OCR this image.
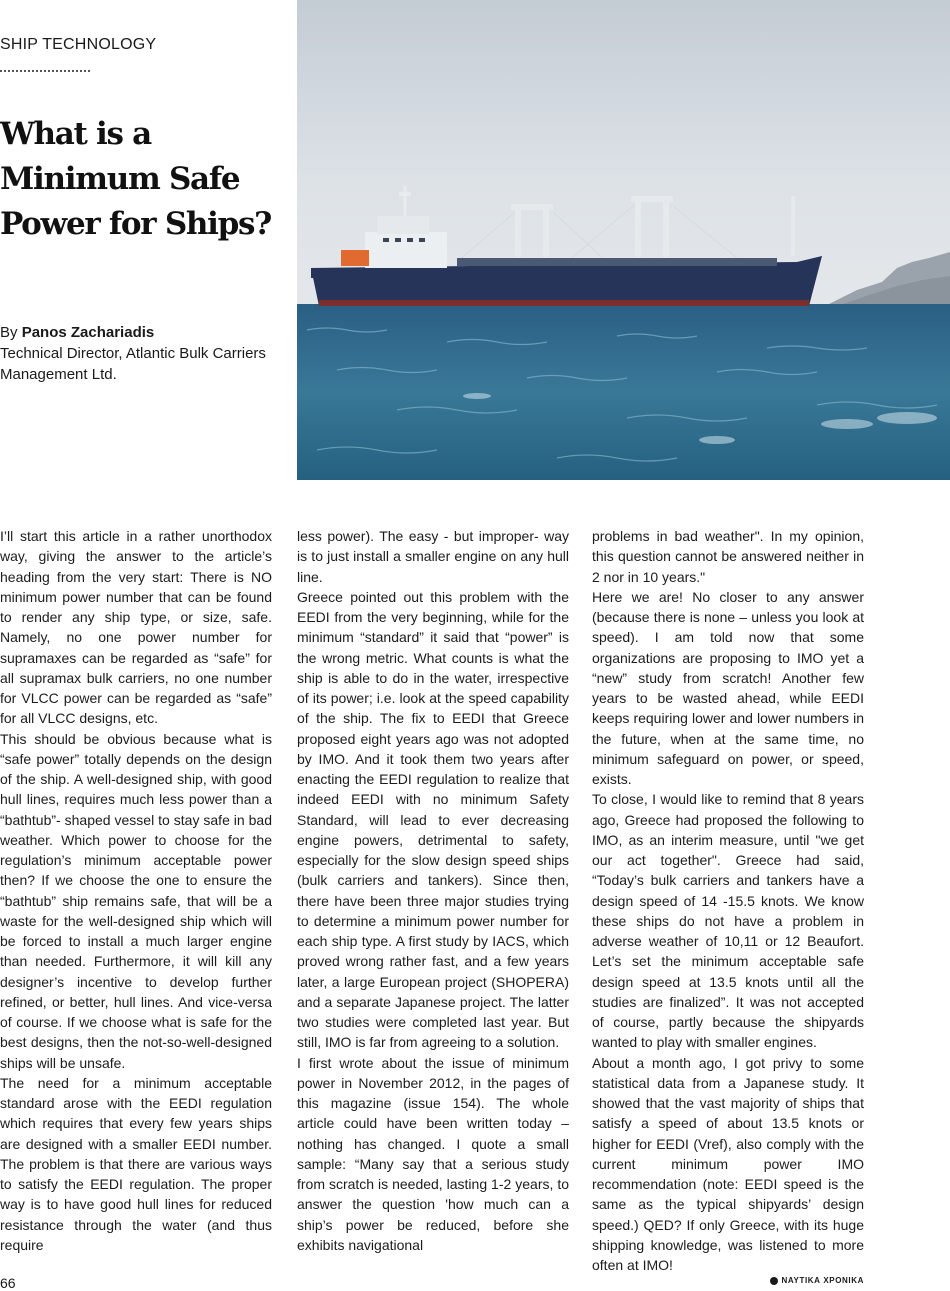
SHIP TECHNOLOGY
What is a
Minimum Safe
Power for Ships?
By Panos Zachariadis
Technical Director, Atlantic Bulk Carriers
Management Ltd.

I’ll start this article in a rather unorthodox way, giving the answer to the article’s heading from the very start: There is NO minimum power number that can be found to render any ship type, or size, safe. Namely, no one power number for supramaxes can be regarded as “safe” for all supramax bulk carriers, no one number for VLCC power can be regarded as “safe” for all VLCC designs, etc.

This should be obvious because what is “safe power” totally depends on the design of the ship. A well-designed ship, with good hull lines, requires much less power than a “bathtub”- shaped vessel to stay safe in bad weather. Which power to choose for the regulation’s minimum acceptable power then? If we choose the one to ensure the “bathtub” ship remains safe, that will be a waste for the well-designed ship which will be forced to install a much larger engine than needed. Furthermore, it will kill any designer’s incentive to develop further refined, or better, hull lines. And vice-versa of course. If we choose what is safe for the best designs, then the not-so-well-designed ships will be unsafe.

The need for a minimum acceptable standard arose with the EEDI regulation which requires that every few years ships are designed with a smaller EEDI number. The problem is that there are various ways to satisfy the EEDI regulation. The proper way is to have good hull lines for reduced resistance through the water (and thus require

less power). The easy - but improper- way is to just install a smaller engine on any hull line.

Greece pointed out this problem with the EEDI from the very beginning, while for the minimum “standard” it said that “power” is the wrong metric. What counts is what the ship is able to do in the water, irrespective of its power; i.e. look at the speed capability of the ship. The fix to EEDI that Greece proposed eight years ago was not adopted by IMO. And it took them two years after enacting the EEDI regulation to realize that indeed EEDI with no minimum Safety Standard, will lead to ever decreasing engine powers, detrimental to safety, especially for the slow design speed ships (bulk carriers and tankers). Since then, there have been three major studies trying to determine a minimum power number for each ship type. A first study by IACS, which proved wrong rather fast, and a few years later, a large European project (SHOPERA) and a separate Japanese project. The latter two studies were completed last year. But still, IMO is far from agreeing to a solution.

I first wrote about the issue of minimum power in November 2012, in the pages of this magazine (issue 154). The whole article could have been written today – nothing has changed. I quote a small sample: “Many say that a serious study from scratch is needed, lasting 1-2 years, to answer the question 'how much can a ship’s power be reduced, before she exhibits navigational

problems in bad weather". In my opinion, this question cannot be answered neither in 2 nor in 10 years."

Here we are! No closer to any answer (because there is none – unless you look at speed). I am told now that some organizations are proposing to IMO yet a “new” study from scratch! Another few years to be wasted ahead, while EEDI keeps requiring lower and lower numbers in the future, when at the same time, no minimum safeguard on power, or speed, exists.

To close, I would like to remind that 8 years ago, Greece had proposed the following to IMO, as an interim measure, until "we get our act together". Greece had said, “Today’s bulk carriers and tankers have a design speed of 14 -15.5 knots. We know these ships do not have a problem in adverse weather of 10,11 or 12 Beaufort. Let’s set the minimum acceptable safe design speed at 13.5 knots until all the studies are finalized”. It was not accepted of course, partly because the shipyards wanted to play with smaller engines.

About a month ago, I got privy to some statistical data from a Japanese study. It showed that the vast majority of ships that satisfy a speed of about 13.5 knots or higher for EEDI (Vref), also comply with the current minimum power IMO recommendation (note: EEDI speed is the same as the typical shipyards’ design speed.) QED? If only Greece, with its huge shipping knowledge, was listened to more often at IMO!

66	ΝΑΥΤΙΚΑ ΧΡΟΝΙΚΑ
